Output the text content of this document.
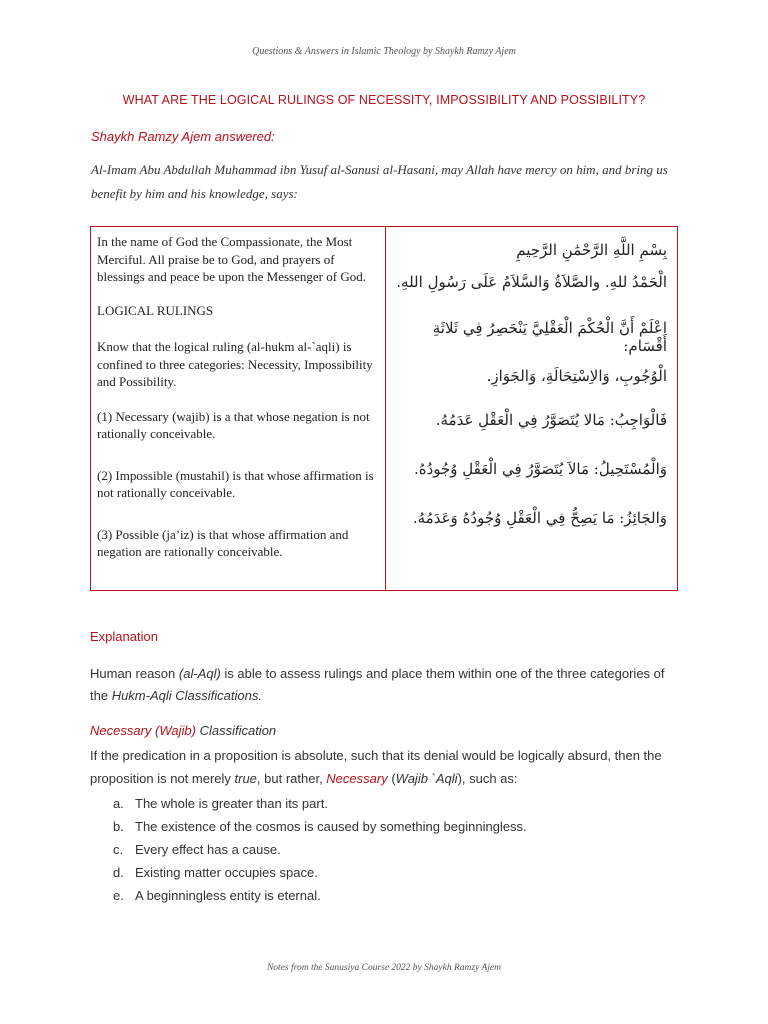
Questions & Answers in Islamic Theology by Shaykh Ramzy Ajem
WHAT ARE THE LOGICAL RULINGS OF NECESSITY, IMPOSSIBILITY AND POSSIBILITY?
Shaykh Ramzy Ajem answered:
Al-Imam Abu Abdullah Muhammad ibn Yusuf al-Sanusi al-Hasani, may Allah have mercy on him, and bring us benefit by him and his knowledge, says:

In the name of God the Compassionate, the Most Merciful. All praise be to God, and prayers of blessings and peace be upon the Messenger of God.

LOGICAL RULINGS

Know that the logical ruling (al-hukm al-`aqli) is confined to three categories: Necessity, Impossibility and Possibility.

(1) Necessary (wajib) is a that whose negation is not rationally conceivable.

(2) Impossible (mustahil) is that whose affirmation is not rationally conceivable.

(3) Possible (ja’iz) is that whose affirmation and negation are rationally conceivable.

بِسْمِ اللَّهِ الرَّحْمَٰنِ الرَّحِيمِ

الْحَمْدُ للهِ. والصَّلاَةُ وَالسَّلاَمُ عَلَى رَسُولِ اللهِ.

اعْلَمْ أَنَّ الْحُكْمَ الْعَقْلِيَّ يَنْحَصِرُ فِي ثَلاثَةِ أَقْسَام:

الْوُجُوبِ، وَالاِسْتِحَالَةِ، وَالجَوَازِ.

فَالْوَاجِبُ: مَالا يُتَصَوَّرُ فِي الْعَقْلِ عَدَمُهُ.

وَالْمُسْتَحِيلُ: مَالاَ يُتَصَوَّرُ فِي الْعَقْلِ وُجُودُهُ.

وَالجَائِزُ: مَا يَصِحُّ فِي الْعَقْلِ وُجُودُهُ وَعَدَمُهُ.

Explanation
Human reason (al-Aql) is able to assess rulings and place them within one of the three categories of the Hukm-Aqli Classifications.
Necessary (Wajib) Classification
If the predication in a proposition is absolute, such that its denial would be logically absurd, then the proposition is not merely true, but rather, Necessary (Wajib `Aqli), such as:
a. The whole is greater than its part.
b. The existence of the cosmos is caused by something beginningless.
c. Every effect has a cause.
d. Existing matter occupies space.
e. A beginningless entity is eternal.
Notes from the Sanusiya Course 2022 by Shaykh Ramzy Ajem
